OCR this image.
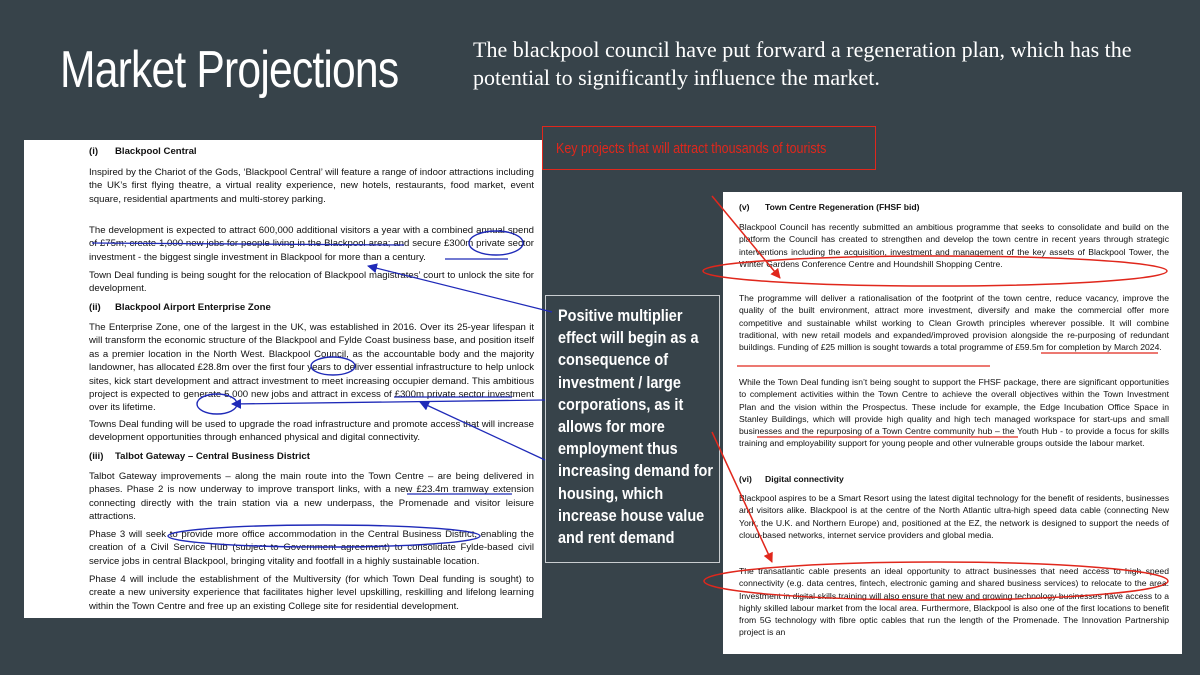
Market Projections	The blackpool council have put forward a regeneration plan, which has the potential to significantly influence the market.
(i) Blackpool Central

Inspired by the Chariot of the Gods, ‘Blackpool Central’ will feature a range of indoor attractions including the UK’s first flying theatre, a virtual reality experience, new hotels, restaurants, food market, event square, residential apartments and multi-storey parking.

The development is expected to attract 600,000 additional visitors a year with a combined annual spend of £75m; create 1,000 new jobs for people living in the Blackpool area; and secure £300m private sector investment - the biggest single investment in Blackpool for more than a century.

Town Deal funding is being sought for the relocation of Blackpool magistrates’ court to unlock the site for development.

(ii) Blackpool Airport Enterprise Zone

The Enterprise Zone, one of the largest in the UK, was established in 2016. Over its 25-year lifespan it will transform the economic structure of the Blackpool and Fylde Coast business base, and position itself as a premier location in the North West. Blackpool Council, as the accountable body and the majority landowner, has allocated £28.8m over the first four years to deliver essential infrastructure to help unlock sites, kick start development and attract investment to meet increasing occupier demand. This ambitious project is expected to generate 5,000 new jobs and attract in excess of £300m private sector investment over its lifetime.

Towns Deal funding will be used to upgrade the road infrastructure and promote access that will increase development opportunities through enhanced physical and digital connectivity.

(iii) Talbot Gateway – Central Business District

Talbot Gateway improvements – along the main route into the Town Centre – are being delivered in phases. Phase 2 is now underway to improve transport links, with a new £23.4m tramway extension connecting directly with the train station via a new underpass, the Promenade and visitor leisure attractions.

Phase 3 will seek to provide more office accommodation in the Central Business District, enabling the creation of a Civil Service Hub (subject to Government agreement) to consolidate Fylde-based civil service jobs in central Blackpool, bringing vitality and footfall in a highly sustainable location.

Phase 4 will include the establishment of the Multiversity (for which Town Deal funding is sought) to create a new university experience that facilitates higher level upskilling, reskilling and lifelong learning within the Town Centre and free up an existing College site for residential development.

(v) Town Centre Regeneration (FHSF bid)

Blackpool Council has recently submitted an ambitious programme that seeks to consolidate and build on the platform the Council has created to strengthen and develop the town centre in recent years through strategic interventions including the acquisition, investment and management of the key assets of Blackpool Tower, the Winter Gardens Conference Centre and Houndshill Shopping Centre.

The programme will deliver a rationalisation of the footprint of the town centre, reduce vacancy, improve the quality of the built environment, attract more investment, diversify and make the commercial offer more competitive and sustainable whilst working to Clean Growth principles wherever possible. It will combine traditional, with new retail models and expanded/improved provision alongside the re-purposing of redundant buildings. Funding of £25 million is sought towards a total programme of £59.5m for completion by March 2024.

While the Town Deal funding isn’t being sought to support the FHSF package, there are significant opportunities to complement activities within the Town Centre to achieve the overall objectives within the Town Investment Plan and the vision within the Prospectus. These include for example, the Edge Incubation Office Space in Stanley Buildings, which will provide high quality and high tech managed workspace for start-ups and small businesses and the repurposing of a Town Centre community hub – the Youth Hub - to provide a focus for skills training and employability support for young people and other vulnerable groups outside the labour market.

(vi) Digital connectivity

Blackpool aspires to be a Smart Resort using the latest digital technology for the benefit of residents, businesses and visitors alike. Blackpool is at the centre of the North Atlantic ultra-high speed data cable (connecting New York, the U.K. and Northern Europe) and, positioned at the EZ, the network is designed to support the needs of cloud-based networks, internet service providers and global media.

The transatlantic cable presents an ideal opportunity to attract businesses that need access to high speed connectivity (e.g. data centres, fintech, electronic gaming and shared business services) to relocate to the area. Investment in digital skills training will also ensure that new and growing technology businesses have access to a highly skilled labour market from the local area. Furthermore, Blackpool is also one of the first locations to benefit from 5G technology with fibre optic cables that run the length of the Promenade. The Innovation Partnership project is an

Key projects that will attract thousands of tourists
Positive multiplier effect will begin as a consequence of investment / large corporations, as it allows for more employment thus increasing demand for housing, which increase house value and rent demand
